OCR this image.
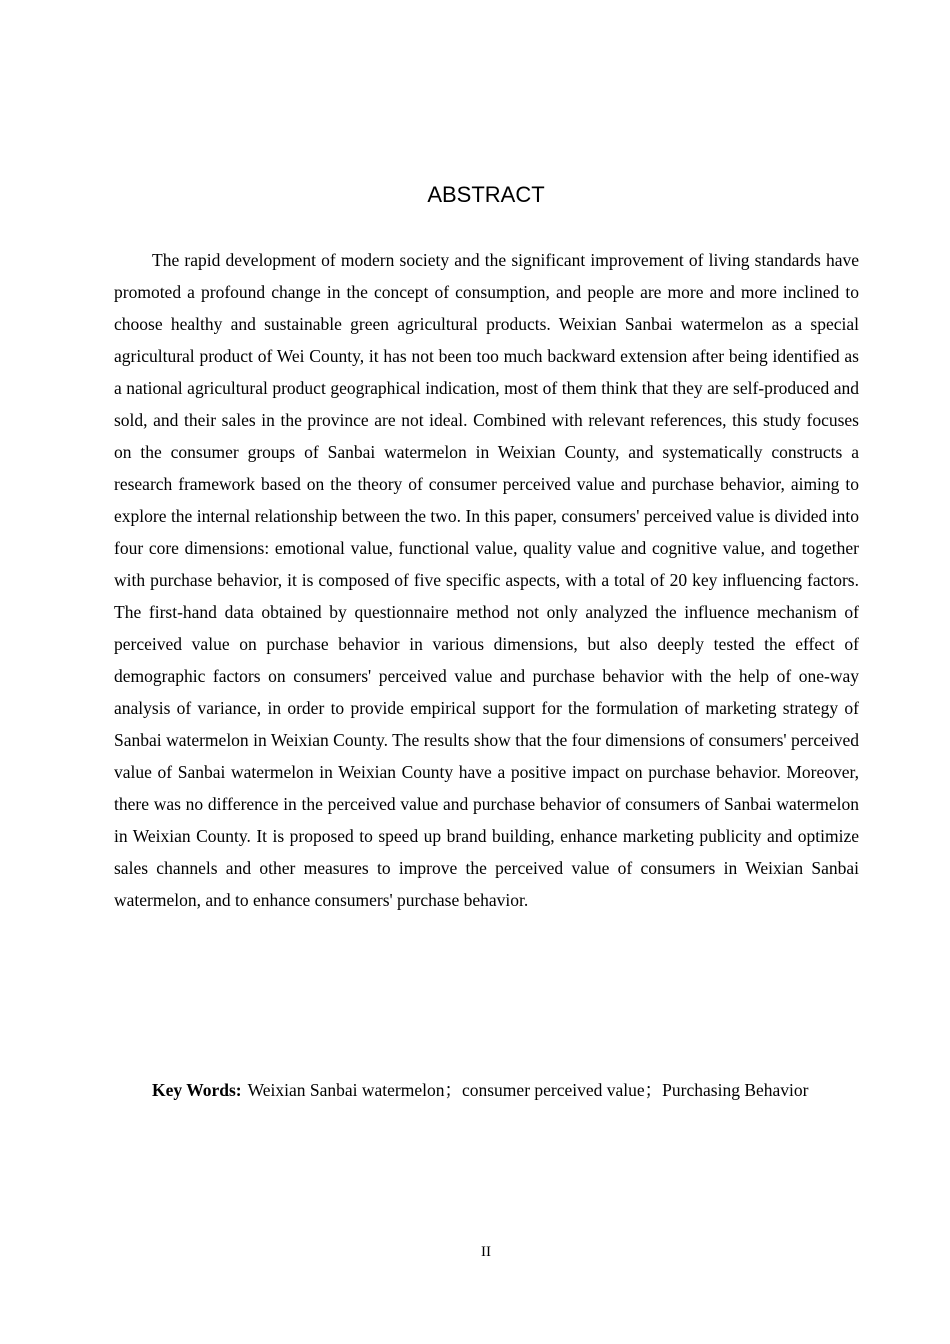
ABSTRACT

The rapid development of modern society and the significant improvement of living standards have promoted a profound change in the concept of consumption, and people are more and more inclined to choose healthy and sustainable green agricultural products. Weixian Sanbai watermelon as a special agricultural product of Wei County, it has not been too much backward extension after being identified as a national agricultural product geographical indication, most of them think that they are self-produced and sold, and their sales in the province are not ideal. Combined with relevant references, this study focuses on the consumer groups of Sanbai watermelon in Weixian County, and systematically constructs a research framework based on the theory of consumer perceived value and purchase behavior, aiming to explore the internal relationship between the two. In this paper, consumers' perceived value is divided into four core dimensions: emotional value, functional value, quality value and cognitive value, and together with purchase behavior, it is composed of five specific aspects, with a total of 20 key influencing factors. The first-hand data obtained by questionnaire method not only analyzed the influence mechanism of perceived value on purchase behavior in various dimensions, but also deeply tested the effect of demographic factors on consumers' perceived value and purchase behavior with the help of one-way analysis of variance, in order to provide empirical support for the formulation of marketing strategy of Sanbai watermelon in Weixian County. The results show that the four dimensions of consumers' perceived value of Sanbai watermelon in Weixian County have a positive impact on purchase behavior. Moreover, there was no difference in the perceived value and purchase behavior of consumers of Sanbai watermelon in Weixian County. It is proposed to speed up brand building, enhance marketing publicity and optimize sales channels and other measures to improve the perceived value of consumers in Weixian Sanbai watermelon, and to enhance consumers' purchase behavior.

Key Words: Weixian Sanbai watermelon；consumer perceived value；Purchasing Behavior

II
